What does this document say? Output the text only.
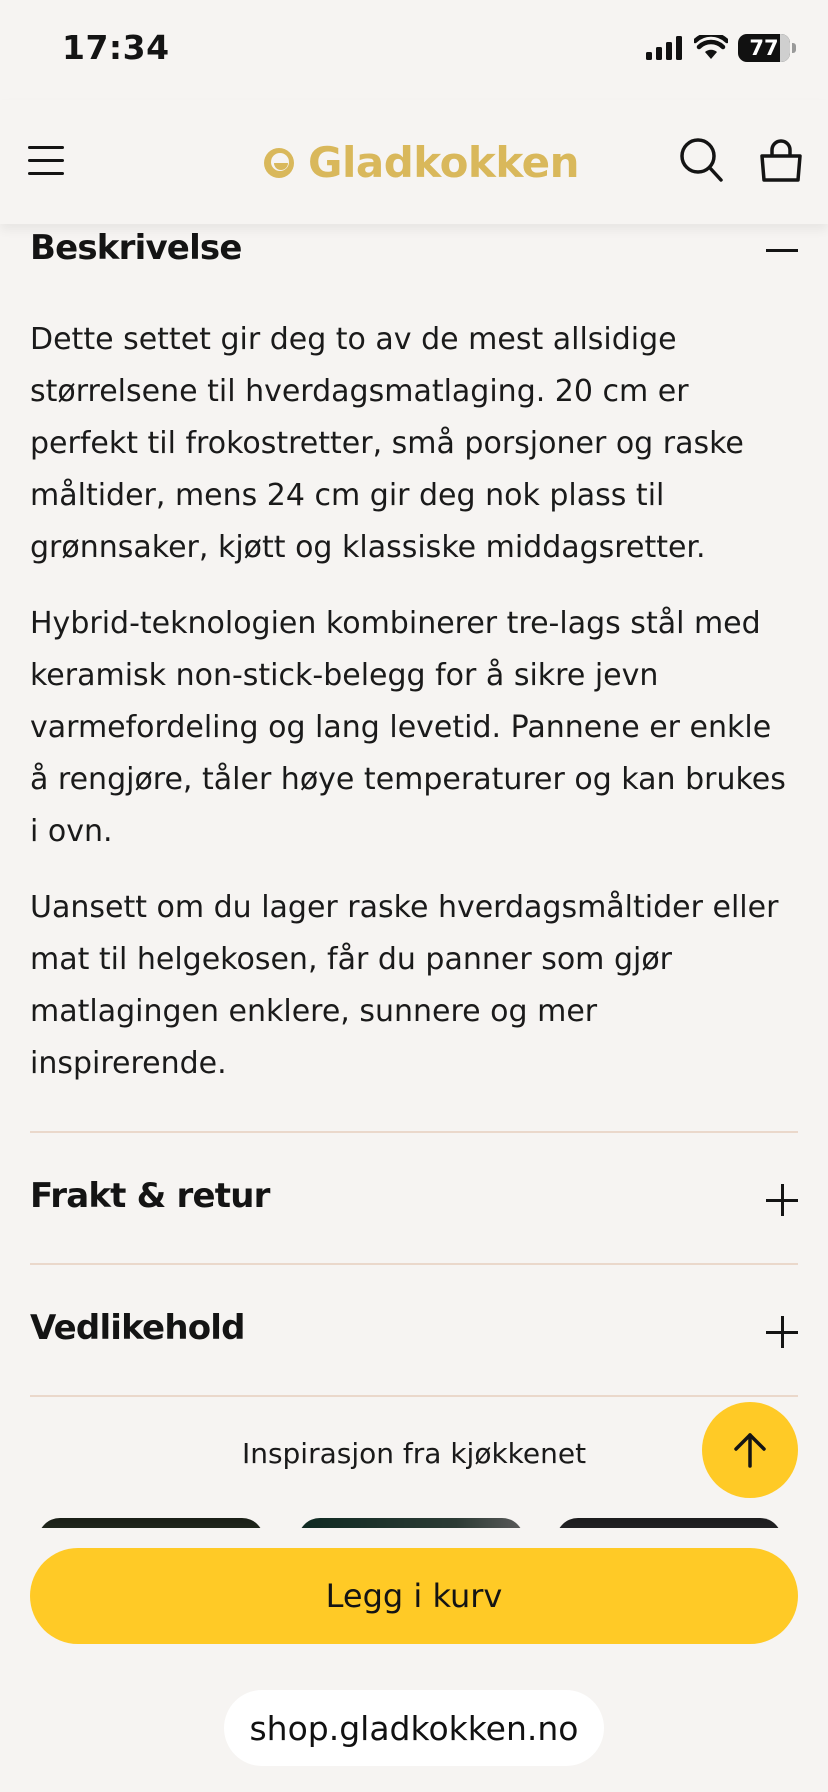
17:34	77
Gladkokken
Beskrivelse

Dette settet gir deg to av de mest allsidige størrelsene til hverdagsmatlaging. 20 cm er perfekt til frokostretter, små porsjoner og raske måltider, mens 24 cm gir deg nok plass til grønnsaker, kjøtt og klassiske middagsretter.

Hybrid-teknologien kombinerer tre-lags stål med keramisk non-stick-belegg for å sikre jevn varmefordeling og lang levetid. Pannene er enkle å rengjøre, tåler høye temperaturer og kan brukes i ovn.

Uansett om du lager raske hverdagsmåltider eller mat til helgekosen, får du panner som gjør matlagingen enklere, sunnere og mer inspirerende.

Frakt & retur
Vedlikehold
Inspirasjon fra kjøkkenet
Legg i kurv
shop.gladkokken.no
